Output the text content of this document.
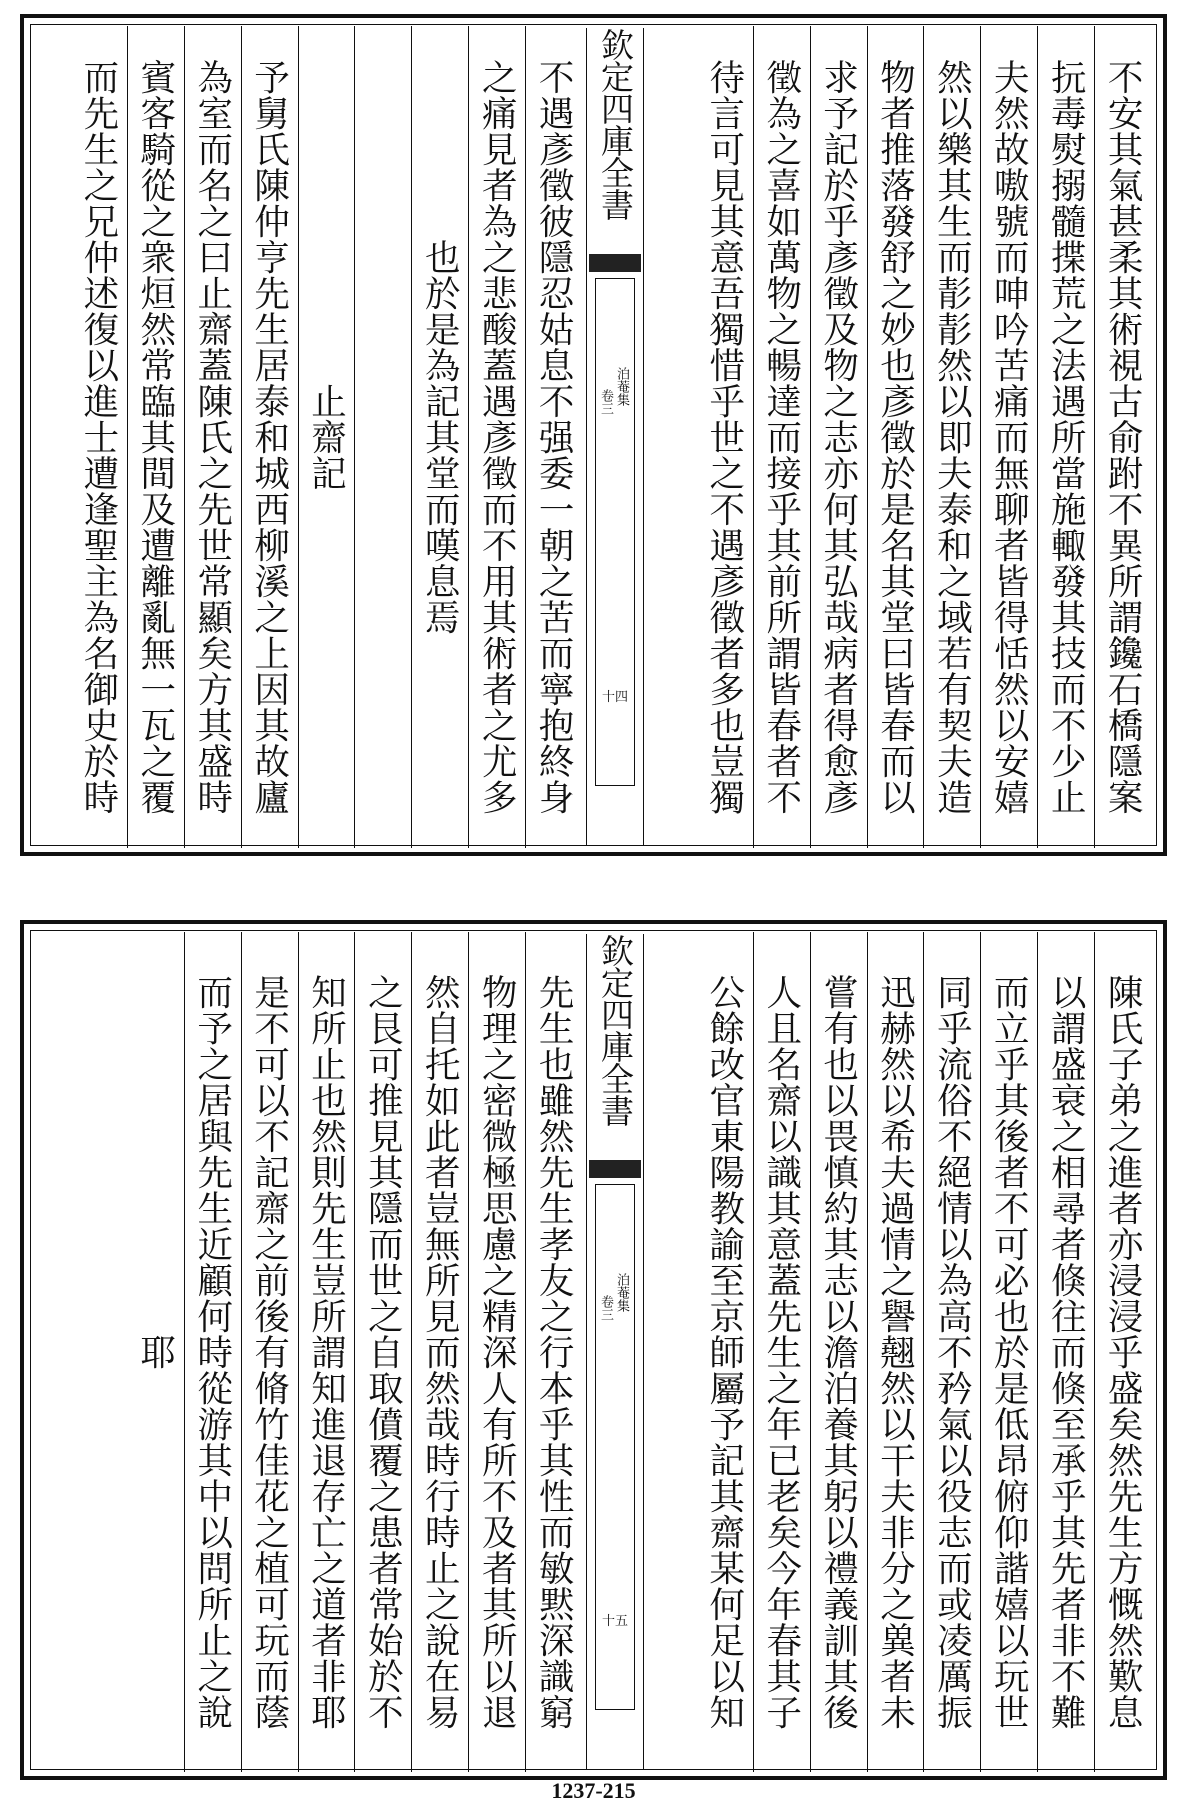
不安其氣甚柔其術視古俞跗不異所謂鑱石橋隱案
抏毒熨搦髓揲荒之法遇所當施輙發其技而不少止
夫然故嗷號而呻吟苦痛而無聊者皆得恬然以安嬉
然以樂其生而𩇕𩇕然以即夫泰和之域若有契夫造
物者推落發舒之妙也彥徵於是名其堂曰皆春而以
求予記於乎彥徵及物之志亦何其弘哉病者得愈彥
徵為之喜如萬物之暢達而接乎其前所謂皆春者不
待言可見其意吾獨惜乎世之不遇彥徵者多也豈獨
欽定四庫全書
泊菴集
卷三
十四
不遇彥徵彼隱忍姑息不强委一朝之苦而寧抱終身
之痛見者為之悲酸蓋遇彥徵而不用其術者之尤多
也於是為記其堂而嘆息焉
止齋記
予舅氏陳仲亨先生居泰和城西柳溪之上因其故廬
為室而名之曰止齋蓋陳氏之先世常顯矣方其盛時
賓客騎從之衆烜然常臨其間及遭離亂無一瓦之覆
而先生之兄仲述復以進士遭逢聖主為名御史於時
陳氏子弟之進者亦浸浸乎盛矣然先生方慨然歎息
以謂盛衰之相尋者倏往而倏至承乎其先者非不難
而立乎其後者不可必也於是低昂俯仰諧嬉以玩世
同乎流俗不絕情以為高不矜氣以役志而或凌厲振
迅赫然以希夫過情之譽翹然以干夫非分之兾者未
嘗有也以畏慎約其志以澹泊養其躬以禮義訓其後
人且名齋以識其意蓋先生之年已老矣今年春其子
公餘改官東陽教諭至京師屬予記其齋某何足以知
欽定四庫全書
泊菴集
卷三
十五
先生也雖然先生孝友之行本乎其性而敏黙深識窮
物理之密微極思慮之精深人有所不及者其所以退
然自托如此者豈無所見而然哉時行時止之說在易
之艮可推見其隱而世之自取僨覆之患者常始於不
知所止也然則先生豈所謂知進退存亡之道者非耶
是不可以不記齋之前後有脩竹佳花之植可玩而蔭
而予之居與先生近顧何時從游其中以問所止之說
耶
1237-215
